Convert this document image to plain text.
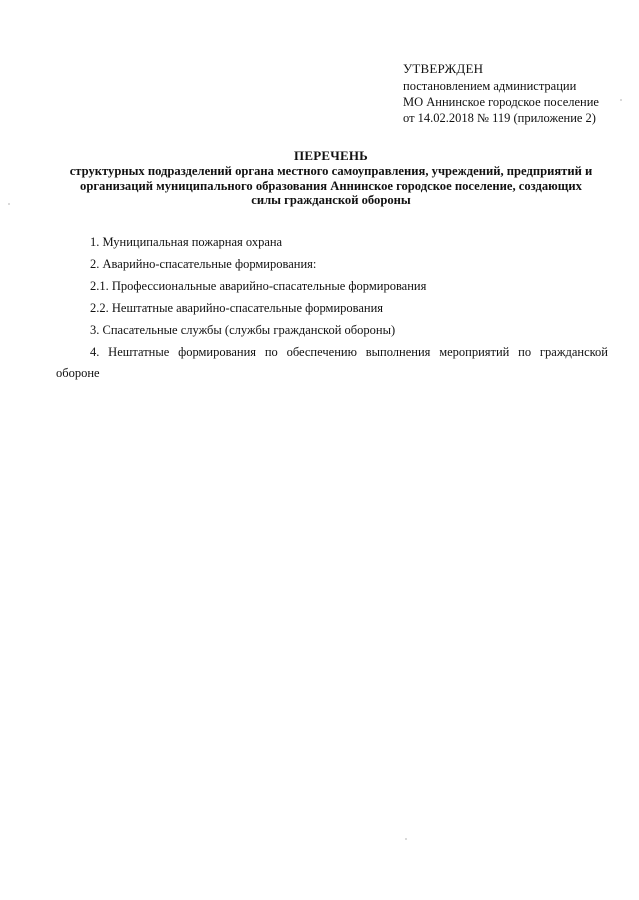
УТВЕРЖДЕН
постановлением администрации
МО Аннинское городское поселение
от 14.02.2018 № 119 (приложение 2)
ПЕРЕЧЕНЬ
структурных подразделений органа местного самоуправления, учреждений, предприятий и
организаций муниципального образования Аннинское городское поселение, создающих
силы гражданской обороны
1. Муниципальная пожарная охрана
2. Аварийно-спасательные формирования:
2.1. Профессиональные аварийно-спасательные формирования
2.2. Нештатные аварийно-спасательные формирования
3. Спасательные службы (службы гражданской обороны)
4. Нештатные формирования по обеспечению выполнения мероприятий по гражданской обороне
